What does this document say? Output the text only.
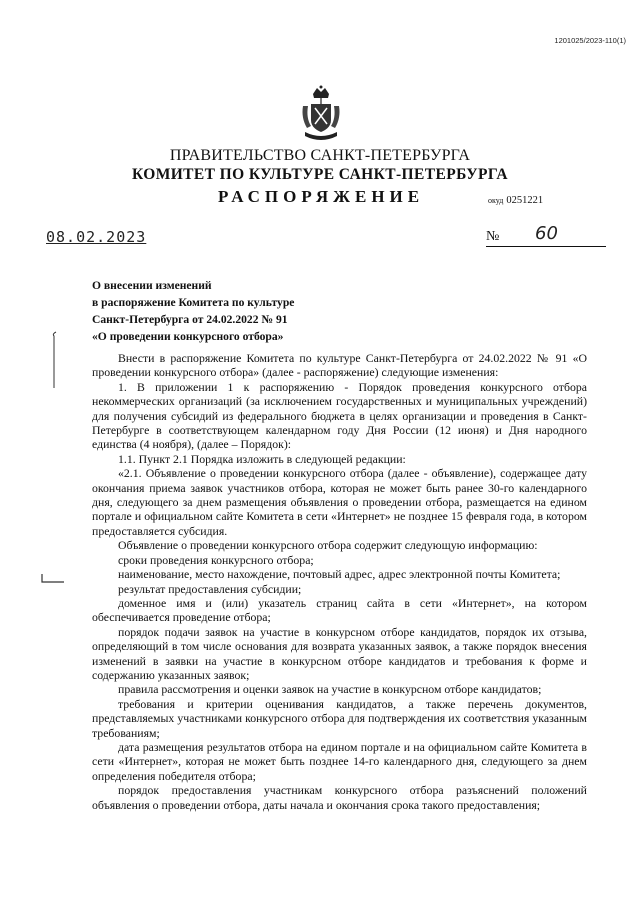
1201025/2023-110(1)
ПРАВИТЕЛЬСТВО САНКТ-ПЕТЕРБУРГА
КОМИТЕТ ПО КУЛЬТУРЕ САНКТ-ПЕТЕРБУРГА
РАСПОРЯЖЕНИЕ	окуд 0251221
08.02.2023	№ 60
О внесении изменений
в распоряжение Комитета по культуре
Санкт-Петербурга от 24.02.2022 № 91
«О проведении конкурсного отбора»

Внести в распоряжение Комитета по культуре Санкт-Петербурга от 24.02.2022 № 91 «О проведении конкурсного отбора» (далее - распоряжение) следующие изменения:

1. В приложении 1 к распоряжению - Порядок проведения конкурсного отбора некоммерческих организаций (за исключением государственных и муниципальных учреждений) для получения субсидий из федерального бюджета в целях организации и проведения в Санкт-Петербурге в соответствующем календарном году Дня России (12 июня) и Дня народного единства (4 ноября), (далее – Порядок):

1.1. Пункт 2.1 Порядка изложить в следующей редакции:

«2.1. Объявление о проведении конкурсного отбора (далее - объявление), содержащее дату окончания приема заявок участников отбора, которая не может быть ранее 30-го календарного дня, следующего за днем размещения объявления о проведении отбора, размещается на едином портале и официальном сайте Комитета в сети «Интернет» не позднее 15 февраля года, в котором предоставляется субсидия.

Объявление о проведении конкурсного отбора содержит следующую информацию:

сроки проведения конкурсного отбора;

наименование, место нахождение, почтовый адрес, адрес электронной почты Комитета;

результат предоставления субсидии;

доменное имя и (или) указатель страниц сайта в сети «Интернет», на котором обеспечивается проведение отбора;

порядок подачи заявок на участие в конкурсном отборе кандидатов, порядок их отзыва, определяющий в том числе основания для возврата указанных заявок, а также порядок внесения изменений в заявки на участие в конкурсном отборе кандидатов и требования к форме и содержанию указанных заявок;

правила рассмотрения и оценки заявок на участие в конкурсном отборе кандидатов;

требования и критерии оценивания кандидатов, а также перечень документов, представляемых участниками конкурсного отбора для подтверждения их соответствия указанным требованиям;

дата размещения результатов отбора на едином портале и на официальном сайте Комитета в сети «Интернет», которая не может быть позднее 14-го календарного дня, следующего за днем определения победителя отбора;

порядок предоставления участникам конкурсного отбора разъяснений положений объявления о проведении отбора, даты начала и окончания срока такого предоставления;
